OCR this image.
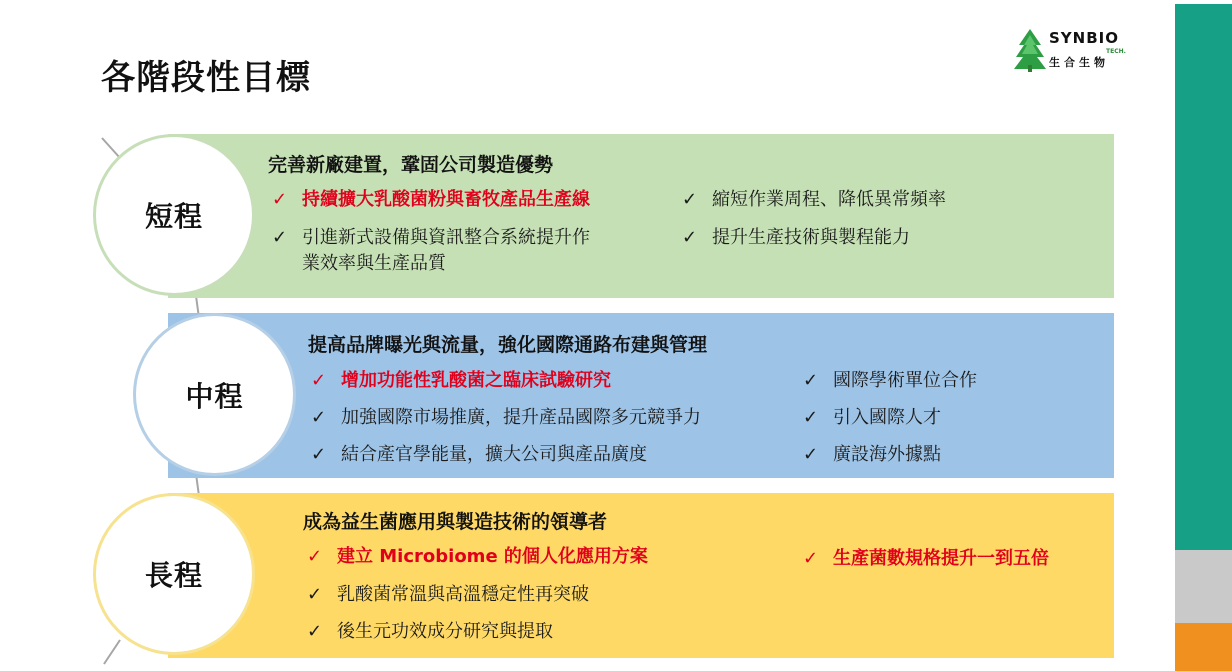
各階段性目標
SYNBIO
TECH.
生合生物
短程
完善新廠建置，鞏固公司製造優勢
✓ 持續擴大乳酸菌粉與畜牧產品生產線
✓ 引進新式設備與資訊整合系統提升作
業效率與生產品質
✓ 縮短作業周程、降低異常頻率
✓ 提升生產技術與製程能力
中程
提高品牌曝光與流量，強化國際通路布建與管理
✓ 增加功能性乳酸菌之臨床試驗研究
✓ 加強國際市場推廣，提升產品國際多元競爭力
✓ 結合產官學能量，擴大公司與產品廣度
✓ 國際學術單位合作
✓ 引入國際人才
✓ 廣設海外據點
長程
成為益生菌應用與製造技術的領導者
✓ 建立 Microbiome 的個人化應用方案
✓ 乳酸菌常溫與高溫穩定性再突破
✓ 後生元功效成分研究與提取
✓ 生產菌數規格提升一到五倍
